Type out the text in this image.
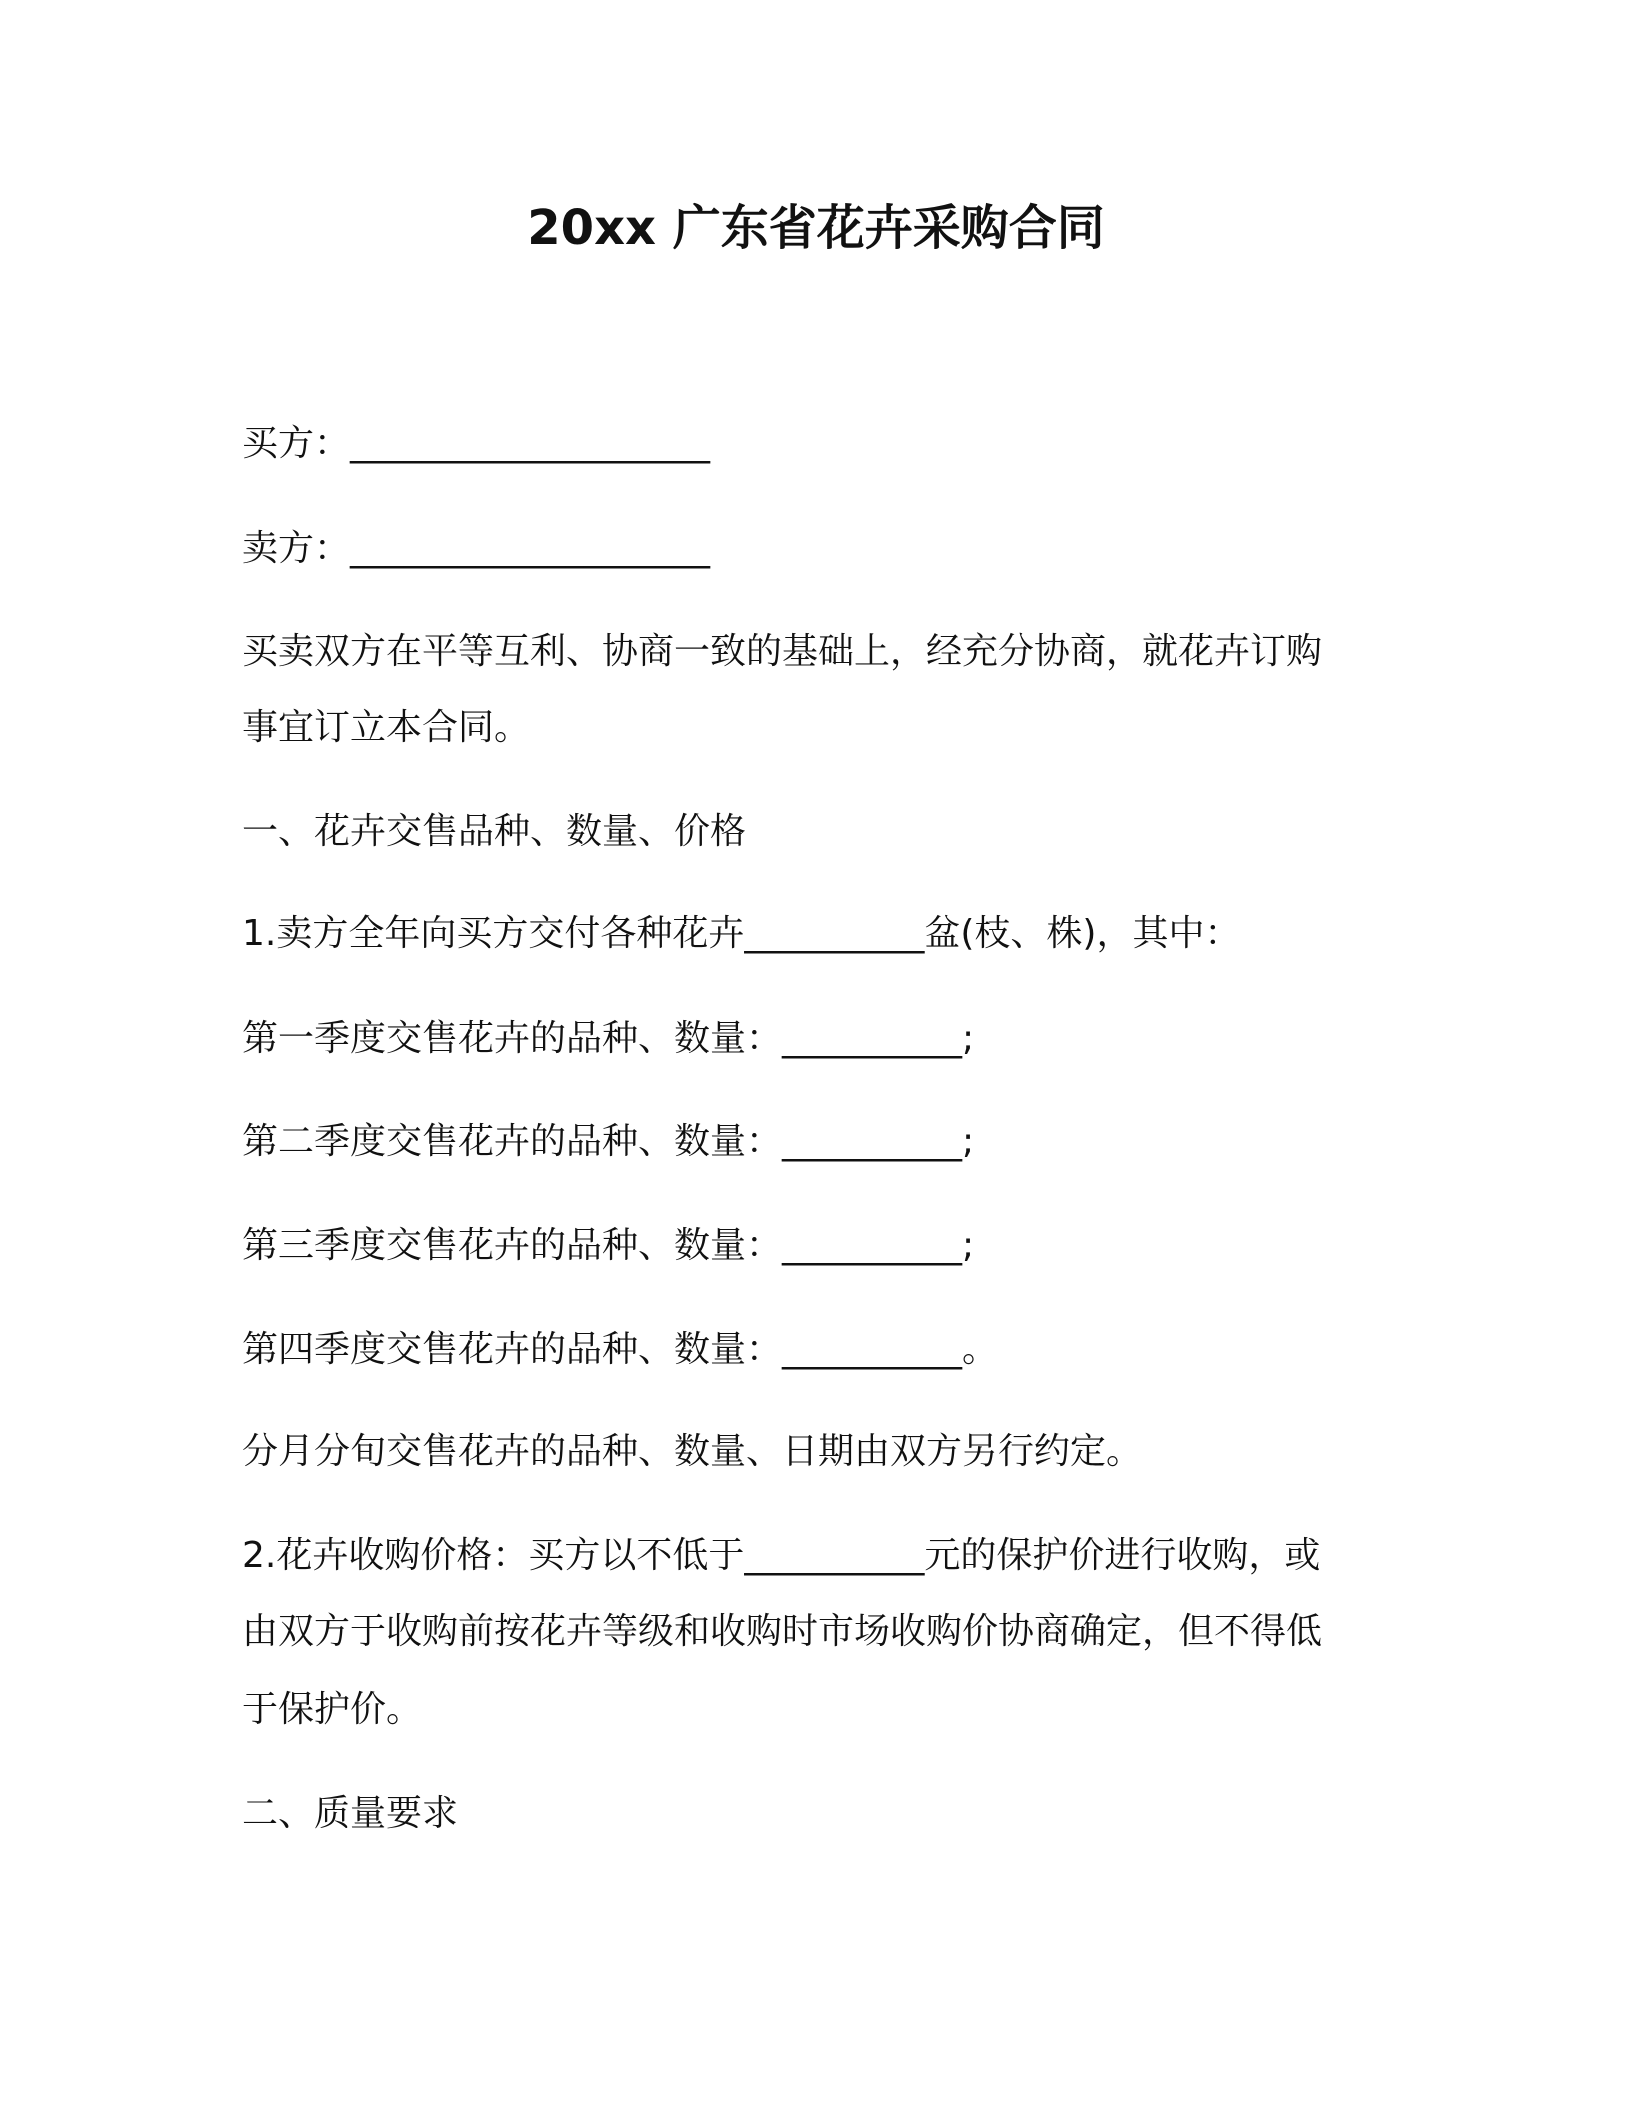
20xx 广东省花卉采购合同
买方：____________________
卖方：____________________
买卖双方在平等互利、协商一致的基础上，经充分协商，就花卉订购
事宜订立本合同。
一、花卉交售品种、数量、价格
1.卖方全年向买方交付各种花卉__________盆(枝、株)，其中：
第一季度交售花卉的品种、数量：__________;
第二季度交售花卉的品种、数量：__________;
第三季度交售花卉的品种、数量：__________;
第四季度交售花卉的品种、数量：__________。
分月分旬交售花卉的品种、数量、日期由双方另行约定。
2.花卉收购价格：买方以不低于__________元的保护价进行收购，或
由双方于收购前按花卉等级和收购时市场收购价协商确定，但不得低
于保护价。
二、质量要求
